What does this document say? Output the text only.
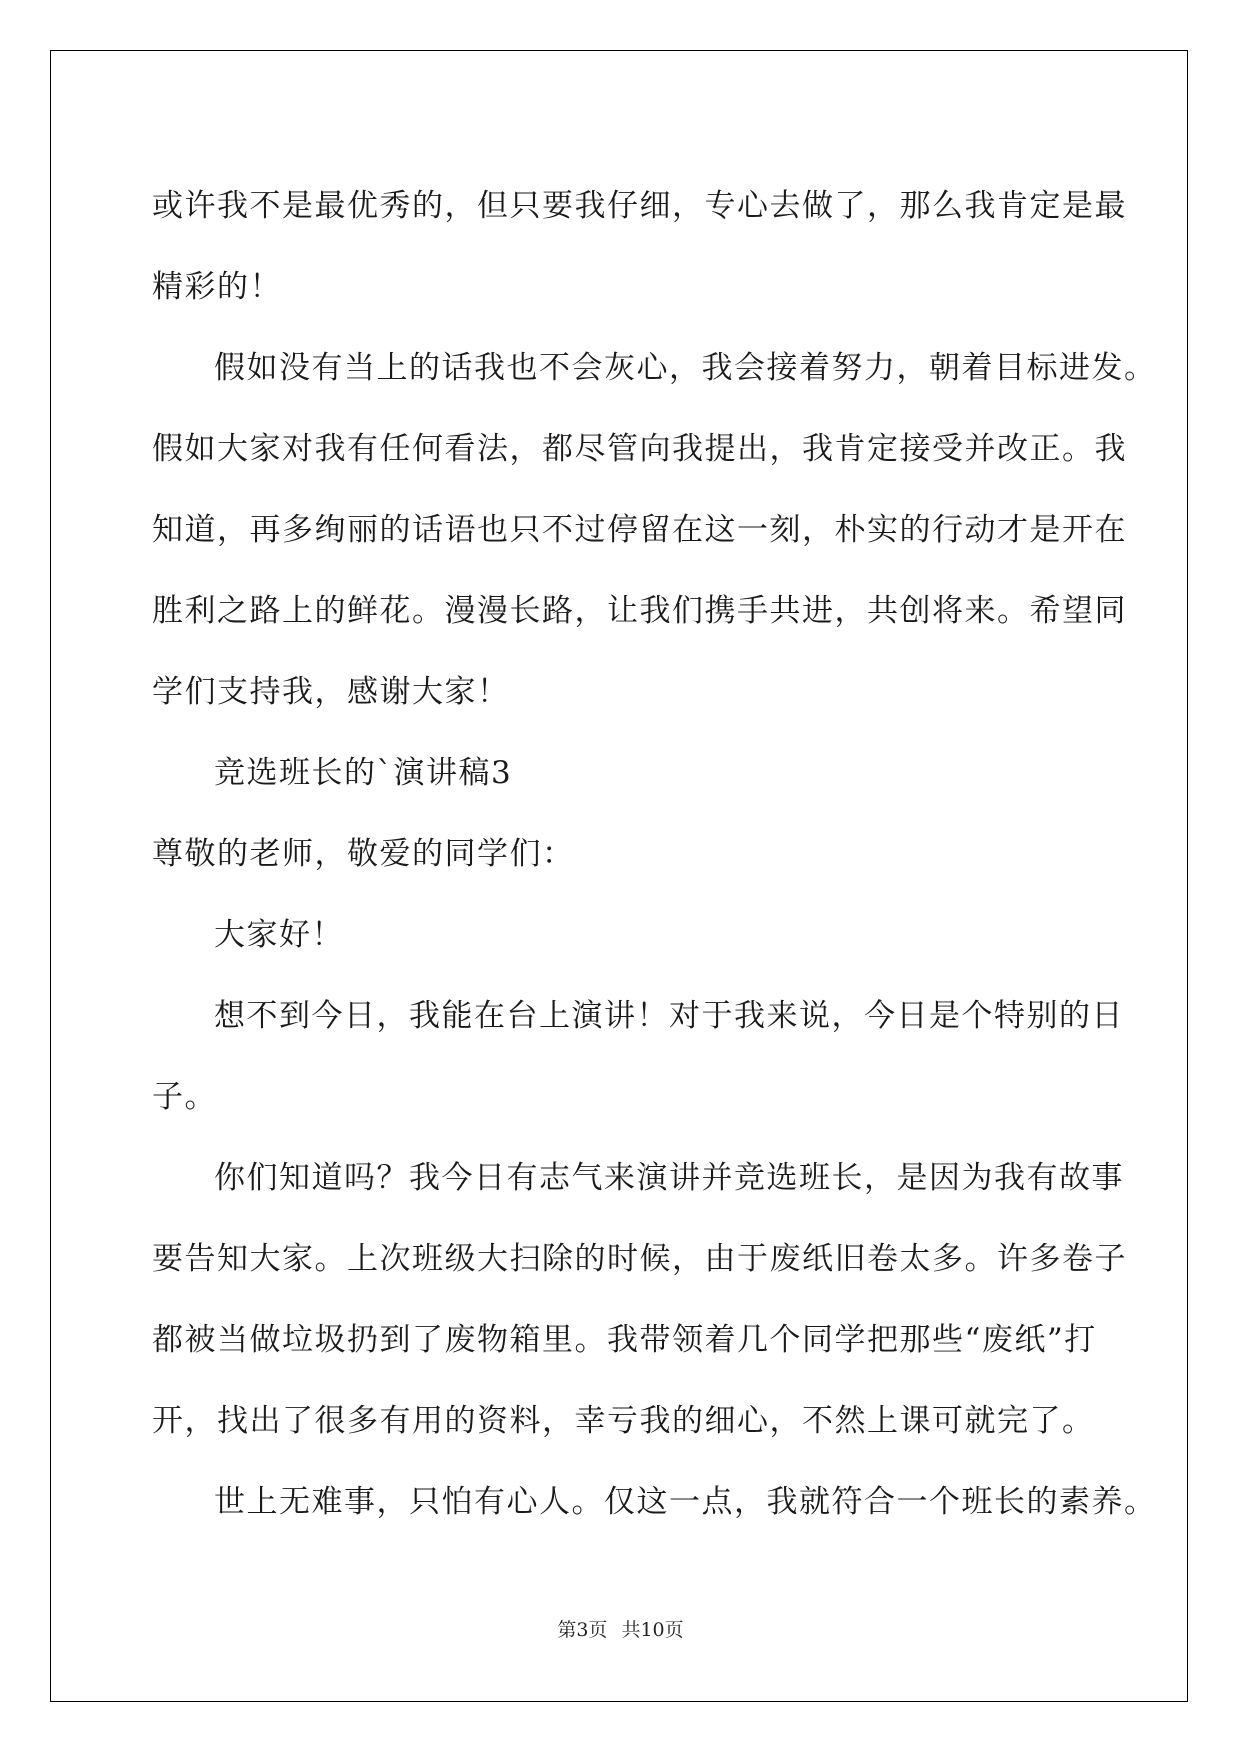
或许我不是最优秀的，但只要我仔细，专心去做了，那么我肯定是最
精彩的！
假如没有当上的话我也不会灰心，我会接着努力，朝着目标进发。
假如大家对我有任何看法，都尽管向我提出，我肯定接受并改正。我
知道，再多绚丽的话语也只不过停留在这一刻，朴实的行动才是开在
胜利之路上的鲜花。漫漫长路，让我们携手共进，共创将来。希望同
学们支持我，感谢大家！
竞选班长的`演讲稿3
尊敬的老师，敬爱的同学们：
大家好！
想不到今日，我能在台上演讲！对于我来说，今日是个特别的日
子。
你们知道吗？我今日有志气来演讲并竞选班长，是因为我有故事
要告知大家。上次班级大扫除的时候，由于废纸旧卷太多。许多卷子
都被当做垃圾扔到了废物箱里。我带领着几个同学把那些“废纸”打
开，找出了很多有用的资料，幸亏我的细心，不然上课可就完了。
世上无难事，只怕有心人。仅这一点，我就符合一个班长的素养。
第3页 共10页
